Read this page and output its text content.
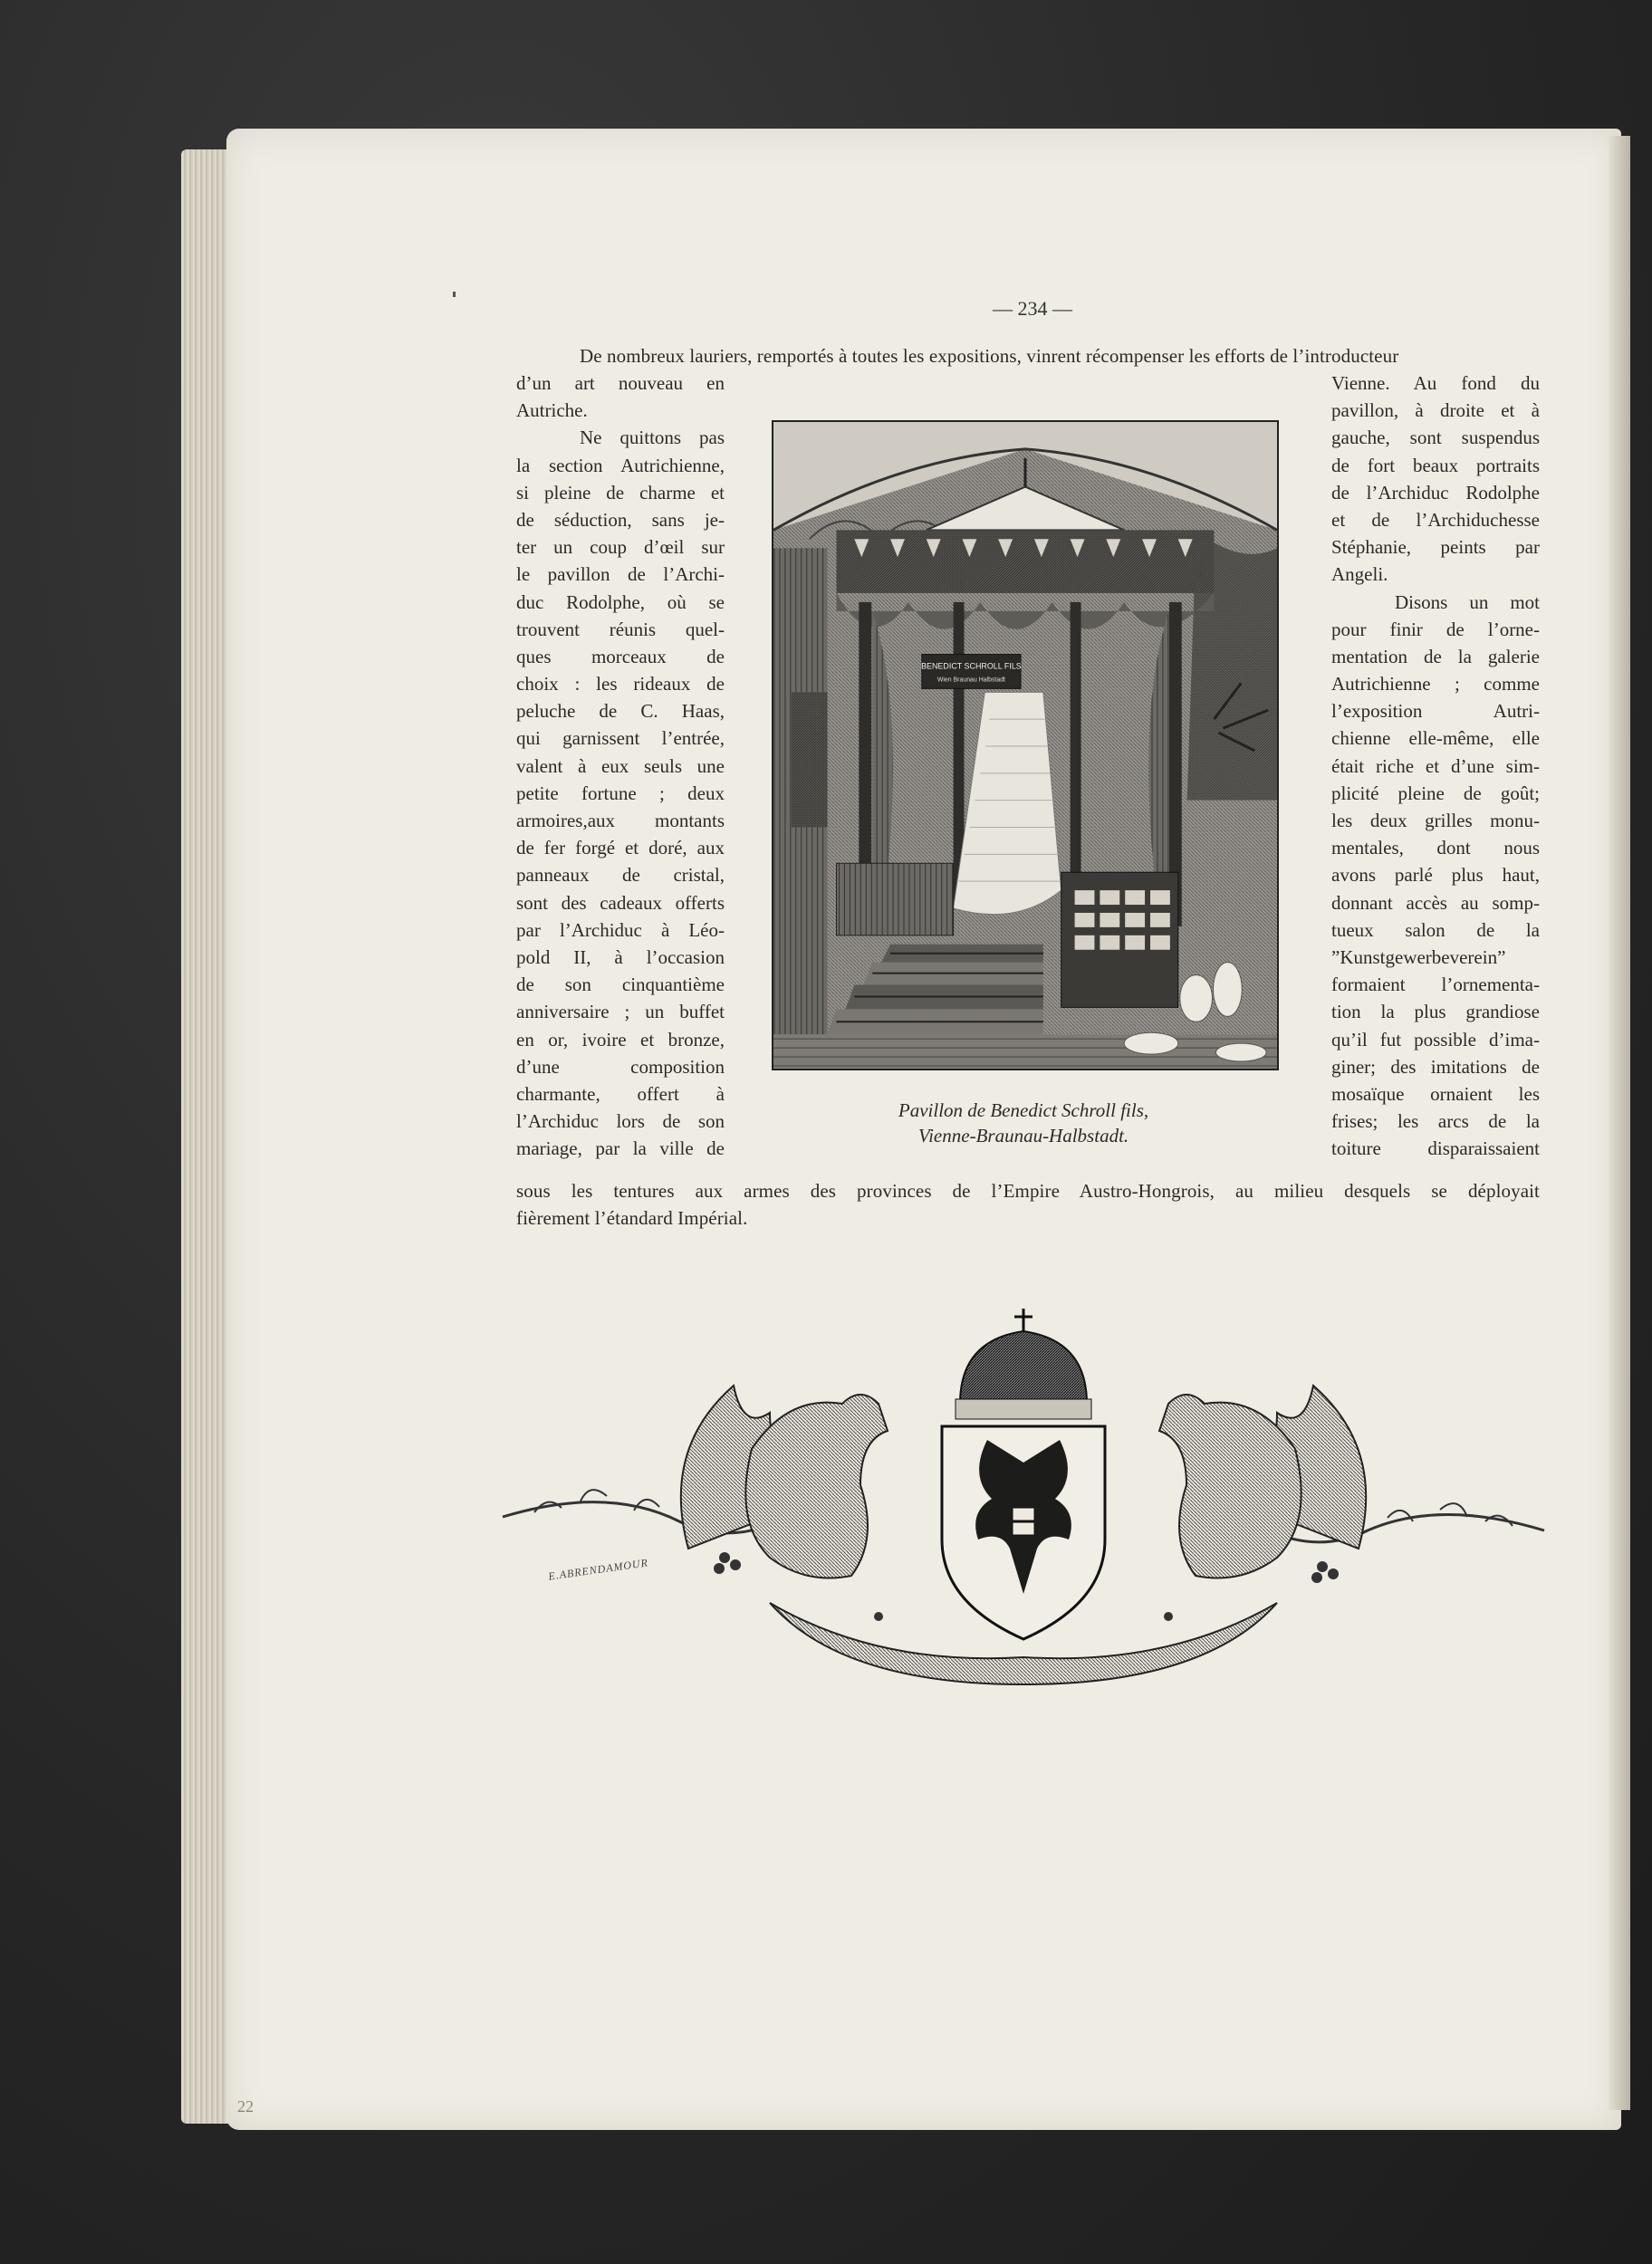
— 234 —
De nombreux lauriers, remportés à toutes les expositions, vinrent récompenser les efforts de l’introducteur
d’un art nouveau en
Autriche.
Ne quittons pas
la section Autrichienne,
si pleine de charme et
de séduction, sans je-
ter un coup d’œil sur
le pavillon de l’Archi-
duc Rodolphe, où se
trouvent réunis quel-
ques morceaux de
choix : les rideaux de
peluche de C. Haas,
qui garnissent l’entrée,
valent à eux seuls une
petite fortune ; deux
armoires,aux montants
de fer forgé et doré, aux
panneaux de cristal,
sont des cadeaux offerts
par l’Archiduc à Léo-
pold II, à l’occasion
de son cinquantième
anniversaire ; un buffet
en or, ivoire et bronze,
d’une composition
charmante, offert à
l’Archiduc lors de son
mariage, par la ville de
Vienne. Au fond du
pavillon, à droite et à
gauche, sont suspendus
de fort beaux portraits
de l’Archiduc Rodolphe
et de l’Archiduchesse
Stéphanie, peints par
Angeli.
Disons un mot
pour finir de l’orne-
mentation de la galerie
Autrichienne ; comme
l’exposition Autri-
chienne elle-même, elle
était riche et d’une sim-
plicité pleine de goût;
les deux grilles monu-
mentales, dont nous
avons parlé plus haut,
donnant accès au somp-
tueux salon de la
”Kunstgewerbeverein”
formaient l’ornementa-
tion la plus grandiose
qu’il fut possible d’ima-
giner; des imitations de
mosaïque ornaient les
frises; les arcs de la
toiture disparaissaient
BENEDICT SCHROLL FILS
Wien Braunau Halbstadt
Pavillon de Benedict Schroll fils,
Vienne-Braunau-Halbstadt.
sous les tentures aux armes des provinces de l’Empire Austro-Hongrois, au milieu desquels se déployait
fièrement l’étandard Impérial.
E.ABRENDAMOUR
22
